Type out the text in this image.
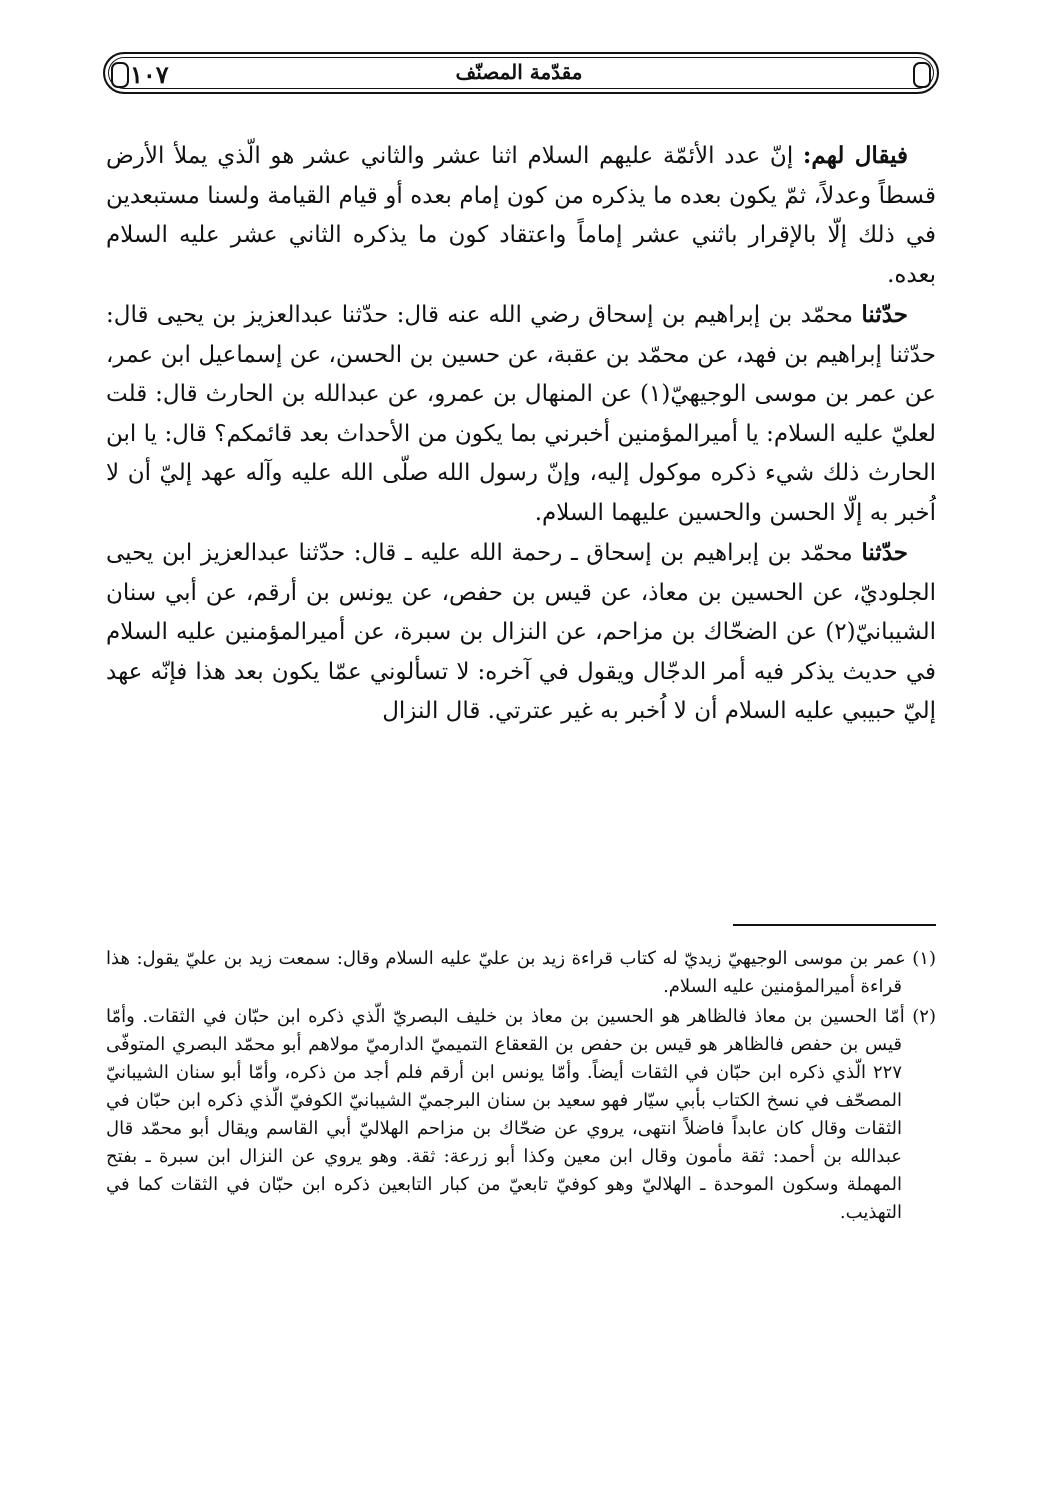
١٠٧	مقدّمة المصنّف

فيقال لهم: إنّ عدد الأئمّة عليهم السلام اثنا عشر والثاني عشر هو الّذي يملأ الأرض قسطاً وعدلاً، ثمّ يكون بعده ما يذكره من كون إمام بعده أو قيام القيامة ولسنا مستبعدين في ذلك إلّا بالإقرار باثني عشر إماماً واعتقاد كون ما يذكره الثاني عشر عليه السلام بعده.

حدّثنا محمّد بن إبراهيم بن إسحاق رضي الله عنه قال: حدّثنا عبدالعزيز بن يحيى قال: حدّثنا إبراهيم بن فهد، عن محمّد بن عقبة، عن حسين بن الحسن، عن إسماعيل ابن عمر، عن عمر بن موسى الوجيهيّ(١) عن المنهال بن عمرو، عن عبدالله بن الحارث قال: قلت لعليّ عليه السلام: يا أميرالمؤمنين أخبرني بما يكون من الأحداث بعد قائمكم؟ قال: يا ابن الحارث ذلك شيء ذكره موكول إليه، وإنّ رسول الله صلّى الله عليه وآله عهد إليّ أن لا اُخبر به إلّا الحسن والحسين عليهما السلام.

حدّثنا محمّد بن إبراهيم بن إسحاق ـ رحمة الله عليه ـ قال: حدّثنا عبدالعزيز ابن يحيى الجلوديّ، عن الحسين بن معاذ، عن قيس بن حفص، عن يونس بن أرقم، عن أبي سنان الشيبانيّ(٢) عن الضحّاك بن مزاحم، عن النزال بن سبرة، عن أميرالمؤمنين عليه السلام في حديث يذكر فيه أمر الدجّال ويقول في آخره: لا تسألوني عمّا يكون بعد هذا فإنّه عهد إليّ حبيبي عليه السلام أن لا اُخبر به غير عترتي. قال النزال

(١) عمر بن موسى الوجيهيّ زيديّ له كتاب قراءة زيد بن عليّ عليه السلام وقال: سمعت زيد بن عليّ يقول: هذا قراءة أميرالمؤمنين عليه السلام.

(٢) أمّا الحسين بن معاذ فالظاهر هو الحسين بن معاذ بن خليف البصريّ الّذي ذكره ابن حبّان في الثقات. وأمّا قيس بن حفص فالظاهر هو قيس بن حفص بن القعقاع التميميّ الدارميّ مولاهم أبو محمّد البصري المتوفّى ٢٢٧ الّذي ذكره ابن حبّان في الثقات أيضاً. وأمّا يونس ابن أرقم فلم أجد من ذكره، وأمّا أبو سنان الشيبانيّ المصحّف في نسخ الكتاب بأبي سيّار فهو سعيد بن سنان البرجميّ الشيبانيّ الكوفيّ الّذي ذكره ابن حبّان في الثقات وقال كان عابداً فاضلاً انتهى، يروي عن ضحّاك بن مزاحم الهلاليّ أبي القاسم ويقال أبو محمّد قال عبدالله بن أحمد: ثقة مأمون وقال ابن معين وكذا أبو زرعة: ثقة. وهو يروي عن النزال ابن سبرة ـ بفتح المهملة وسكون الموحدة ـ الهلاليّ وهو كوفيّ تابعيّ من كبار التابعين ذكره ابن حبّان في الثقات كما في التهذيب.
